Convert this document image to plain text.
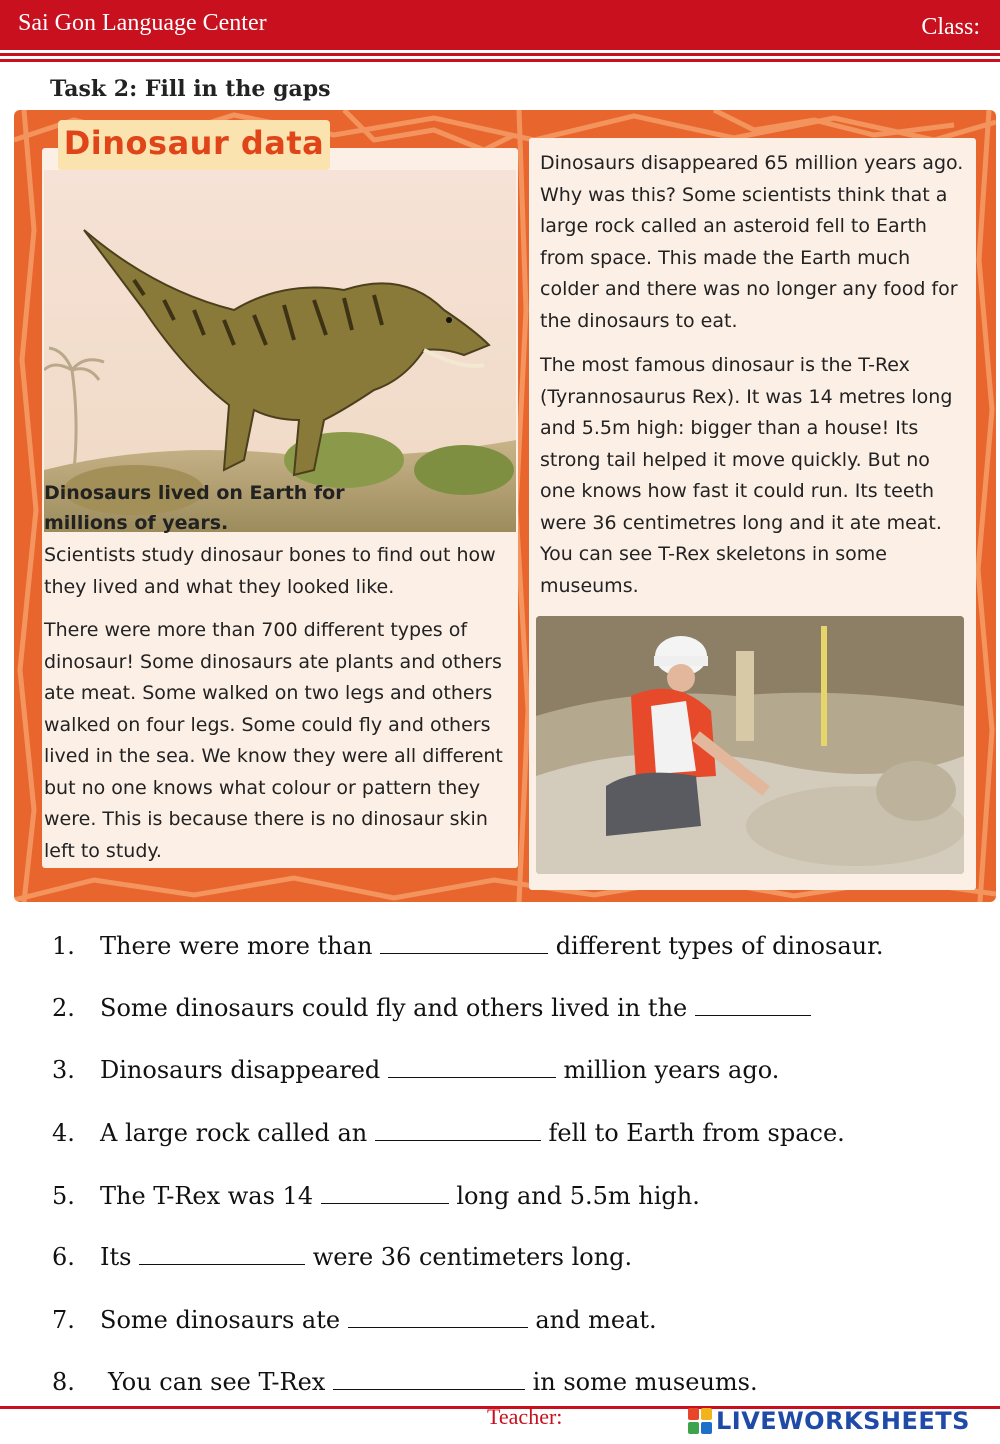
Sai Gon Language Center	Class:
Task 2: Fill in the gaps
Dinosaur data
Dinosaurs lived on Earth for millions of years.
Scientists study dinosaur bones to find out how they lived and what they looked like.
There were more than 700 different types of dinosaur! Some dinosaurs ate plants and others ate meat. Some walked on two legs and others walked on four legs. Some could fly and others lived in the sea. We know they were all different but no one knows what colour or pattern they were. This is because there is no dinosaur skin left to study.
Dinosaurs disappeared 65 million years ago. Why was this? Some scientists think that a large rock called an asteroid fell to Earth from space. This made the Earth much colder and there was no longer any food for the dinosaurs to eat.
The most famous dinosaur is the T-Rex (Tyrannosaurus Rex). It was 14 metres long and 5.5m high: bigger than a house! Its strong tail helped it move quickly. But no one knows how fast it could run. Its teeth were 36 centimetres long and it ate meat. You can see T-Rex skeletons in some museums.
1. There were more than	different types of dinosaur.
2. Some dinosaurs could fly and others lived in the
3. Dinosaurs disappeared	million years ago.
4. A large rock called an	fell to Earth from space.
5. The T-Rex was 14	long and 5.5m high.
6. Its	were 36 centimeters long.
7. Some dinosaurs ate	and meat.
8. You can see T-Rex	in some museums.
Teacher:	LIVEWORKSHEETS
